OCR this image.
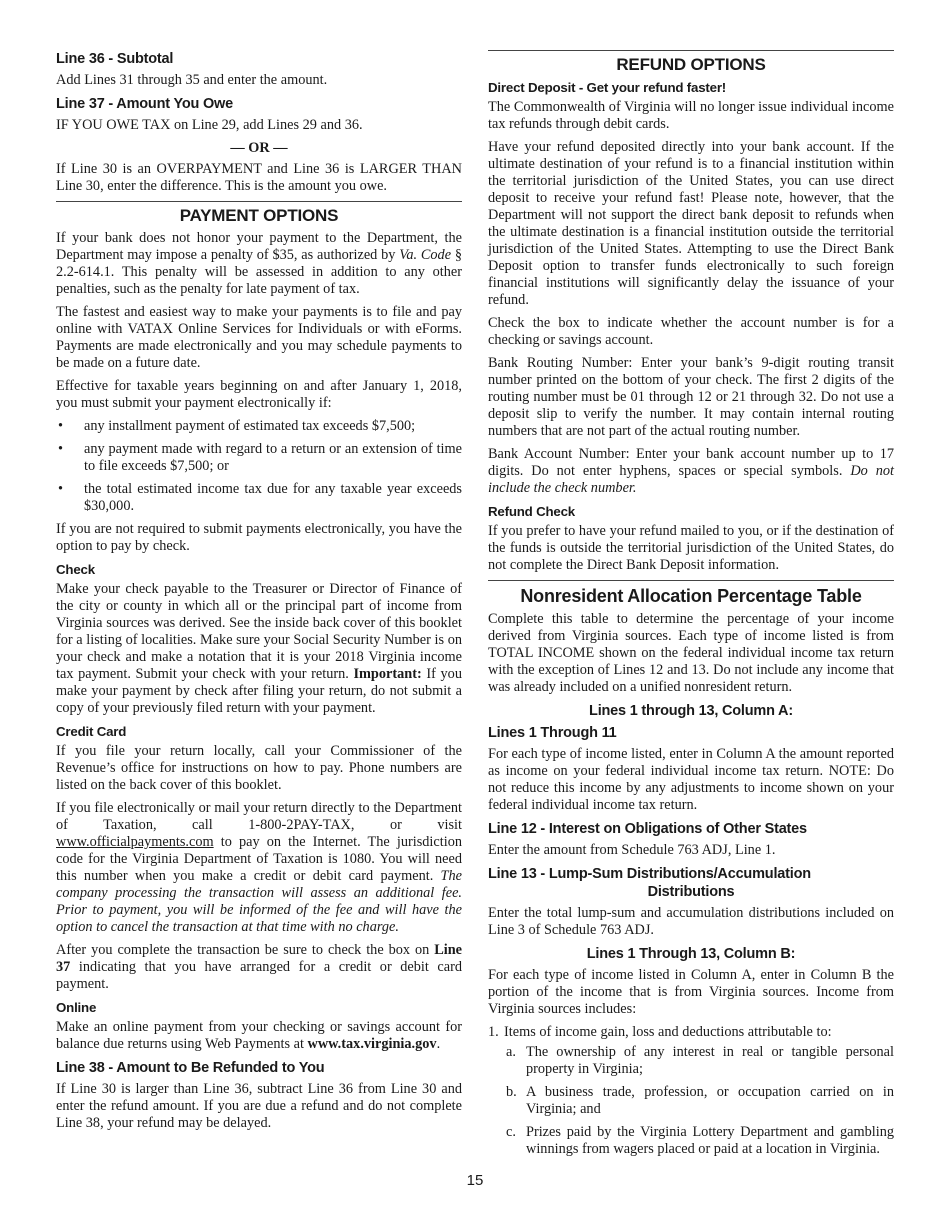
Line 36 - Subtotal

Add Lines 31 through 35 and enter the amount.

Line 37 - Amount You Owe

IF YOU OWE TAX on Line 29, add Lines 29 and 36.

— OR —

If Line 30 is an OVERPAYMENT and Line 36 is LARGER THAN Line 30, enter the difference. This is the amount you owe.

PAYMENT OPTIONS

If your bank does not honor your payment to the Department, the Department may impose a penalty of $35, as authorized by Va. Code § 2.2-614.1. This penalty will be assessed in addition to any other penalties, such as the penalty for late payment of tax.

The fastest and easiest way to make your payments is to file and pay online with VATAX Online Services for Individuals or with eForms. Payments are made electronically and you may schedule payments to be made on a future date.

Effective for taxable years beginning on and after January 1, 2018, you must submit your payment electronically if:

• any installment payment of estimated tax exceeds $7,500;
• any payment made with regard to a return or an extension of time to file exceeds $7,500; or
• the total estimated income tax due for any taxable year exceeds $30,000.

If you are not required to submit payments electronically, you have the option to pay by check.

Check

Make your check payable to the Treasurer or Director of Finance of the city or county in which all or the principal part of income from Virginia sources was derived. See the inside back cover of this booklet for a listing of localities. Make sure your Social Security Number is on your check and make a notation that it is your 2018 Virginia income tax payment. Submit your check with your return. Important: If you make your payment by check after filing your return, do not submit a copy of your previously filed return with your payment.

Credit Card

If you file your return locally, call your Commissioner of the Revenue’s office for instructions on how to pay. Phone numbers are listed on the back cover of this booklet.

If you file electronically or mail your return directly to the Department of Taxation, call 1-800-2PAY-TAX, or visit www.officialpayments.com to pay on the Internet. The jurisdiction code for the Virginia Department of Taxation is 1080. You will need this number when you make a credit or debit card payment. The company processing the transaction will assess an additional fee. Prior to payment, you will be informed of the fee and will have the option to cancel the transaction at that time with no charge.

After you complete the transaction be sure to check the box on Line 37 indicating that you have arranged for a credit or debit card payment.

Online

Make an online payment from your checking or savings account for balance due returns using Web Payments at www.tax.virginia.gov.

Line 38 - Amount to Be Refunded to You

If Line 30 is larger than Line 36, subtract Line 36 from Line 30 and enter the refund amount. If you are due a refund and do not complete Line 38, your refund may be delayed.

REFUND OPTIONS
Direct Deposit - Get your refund faster!

The Commonwealth of Virginia will no longer issue individual income tax refunds through debit cards.

Have your refund deposited directly into your bank account. If the ultimate destination of your refund is to a financial institution within the territorial jurisdiction of the United States, you can use direct deposit to receive your refund fast! Please note, however, that the Department will not support the direct bank deposit to refunds when the ultimate destination is a financial institution outside the territorial jurisdiction of the United States. Attempting to use the Direct Bank Deposit option to transfer funds electronically to such foreign financial institutions will significantly delay the issuance of your refund.

Check the box to indicate whether the account number is for a checking or savings account.

Bank Routing Number: Enter your bank’s 9-digit routing transit number printed on the bottom of your check. The first 2 digits of the routing number must be 01 through 12 or 21 through 32. Do not use a deposit slip to verify the number. It may contain internal routing numbers that are not part of the actual routing number.

Bank Account Number: Enter your bank account number up to 17 digits. Do not enter hyphens, spaces or special symbols. Do not include the check number.

Refund Check

If you prefer to have your refund mailed to you, or if the destination of the funds is outside the territorial jurisdiction of the United States, do not complete the Direct Bank Deposit information.

Nonresident Allocation Percentage Table

Complete this table to determine the percentage of your income derived from Virginia sources. Each type of income listed is from TOTAL INCOME shown on the federal individual income tax return with the exception of Lines 12 and 13. Do not include any income that was already included on a unified nonresident return.

Lines 1 through 13, Column A:
Lines 1 Through 11

For each type of income listed, enter in Column A the amount reported as income on your federal individual income tax return. NOTE: Do not reduce this income by any adjustments to income shown on your federal individual income tax return.

Line 12 - Interest on Obligations of Other States

Enter the amount from Schedule 763 ADJ, Line 1.

Line 13 - Lump-Sum Distributions/Accumulation
Distributions

Enter the total lump-sum and accumulation distributions included on Line 3 of Schedule 763 ADJ.

Lines 1 Through 13, Column B:

For each type of income listed in Column A, enter in Column B the portion of the income that is from Virginia sources. Income from Virginia sources includes:

1. Items of income gain, loss and deductions attributable to:
a. The ownership of any interest in real or tangible personal property in Virginia;
b. A business trade, profession, or occupation carried on in Virginia; and
c. Prizes paid by the Virginia Lottery Department and gambling winnings from wagers placed or paid at a location in Virginia.
15
